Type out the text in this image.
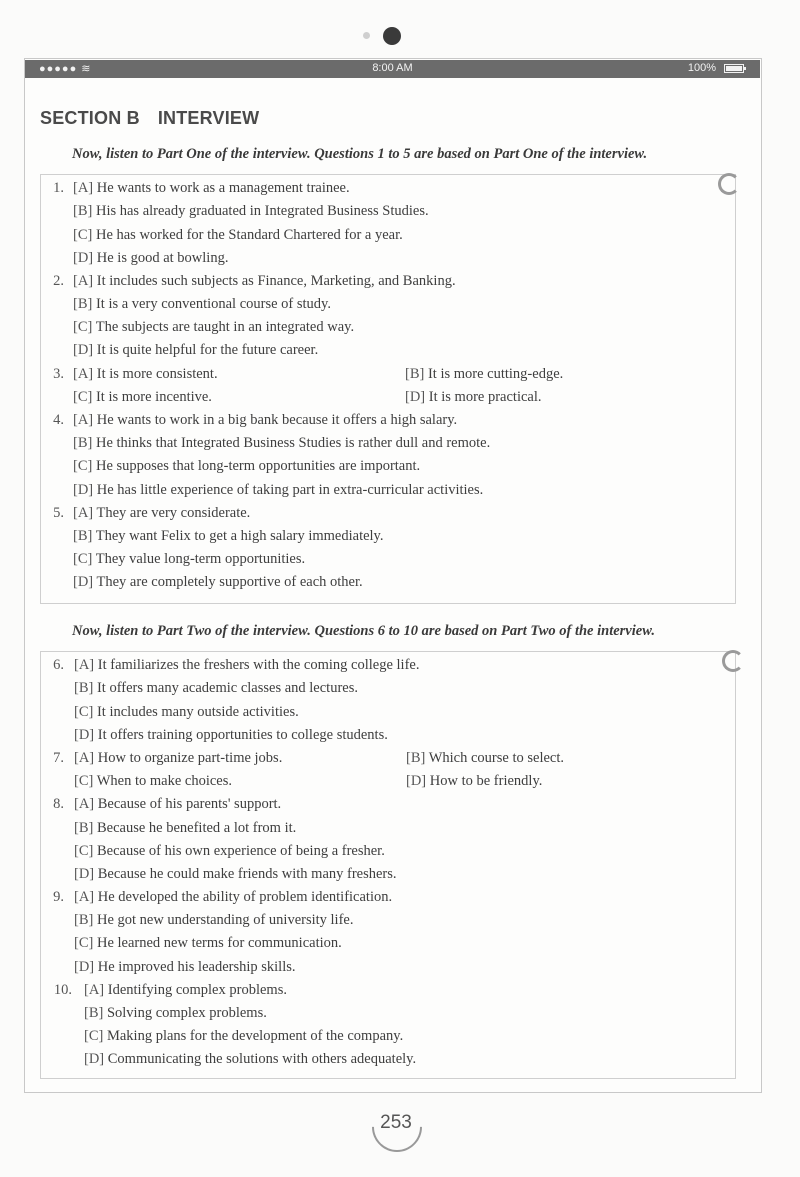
●●●●● ≋	8:00 AM	100%
SECTION B INTERVIEW
Now, listen to Part One of the interview. Questions 1 to 5 are based on Part One of the interview.
Now, listen to Part Two of the interview. Questions 6 to 10 are based on Part Two of the interview.
1. [A] He wants to work as a management trainee.
[B] His has already graduated in Integrated Business Studies.
[C] He has worked for the Standard Chartered for a year.
[D] He is good at bowling.
2. [A] It includes such subjects as Finance, Marketing, and Banking.
[B] It is a very conventional course of study.
[C] The subjects are taught in an integrated way.
[D] It is quite helpful for the future career.
3. [A] It is more consistent.	[B] It is more cutting-edge.
[C] It is more incentive.	[D] It is more practical.
4. [A] He wants to work in a big bank because it offers a high salary.
[B] He thinks that Integrated Business Studies is rather dull and remote.
[C] He supposes that long-term opportunities are important.
[D] He has little experience of taking part in extra-curricular activities.
5. [A] They are very considerate.
[B] They want Felix to get a high salary immediately.
[C] They value long-term opportunities.
[D] They are completely supportive of each other.
6. [A] It familiarizes the freshers with the coming college life.
[B] It offers many academic classes and lectures.
[C] It includes many outside activities.
[D] It offers training opportunities to college students.
7. [A] How to organize part-time jobs.	[B] Which course to select.
[C] When to make choices.	[D] How to be friendly.
8. [A] Because of his parents' support.
[B] Because he benefited a lot from it.
[C] Because of his own experience of being a fresher.
[D] Because he could make friends with many freshers.
9. [A] He developed the ability of problem identification.
[B] He got new understanding of university life.
[C] He learned new terms for communication.
[D] He improved his leadership skills.
10. [A] Identifying complex problems.
[B] Solving complex problems.
[C] Making plans for the development of the company.
[D] Communicating the solutions with others adequately.
253
